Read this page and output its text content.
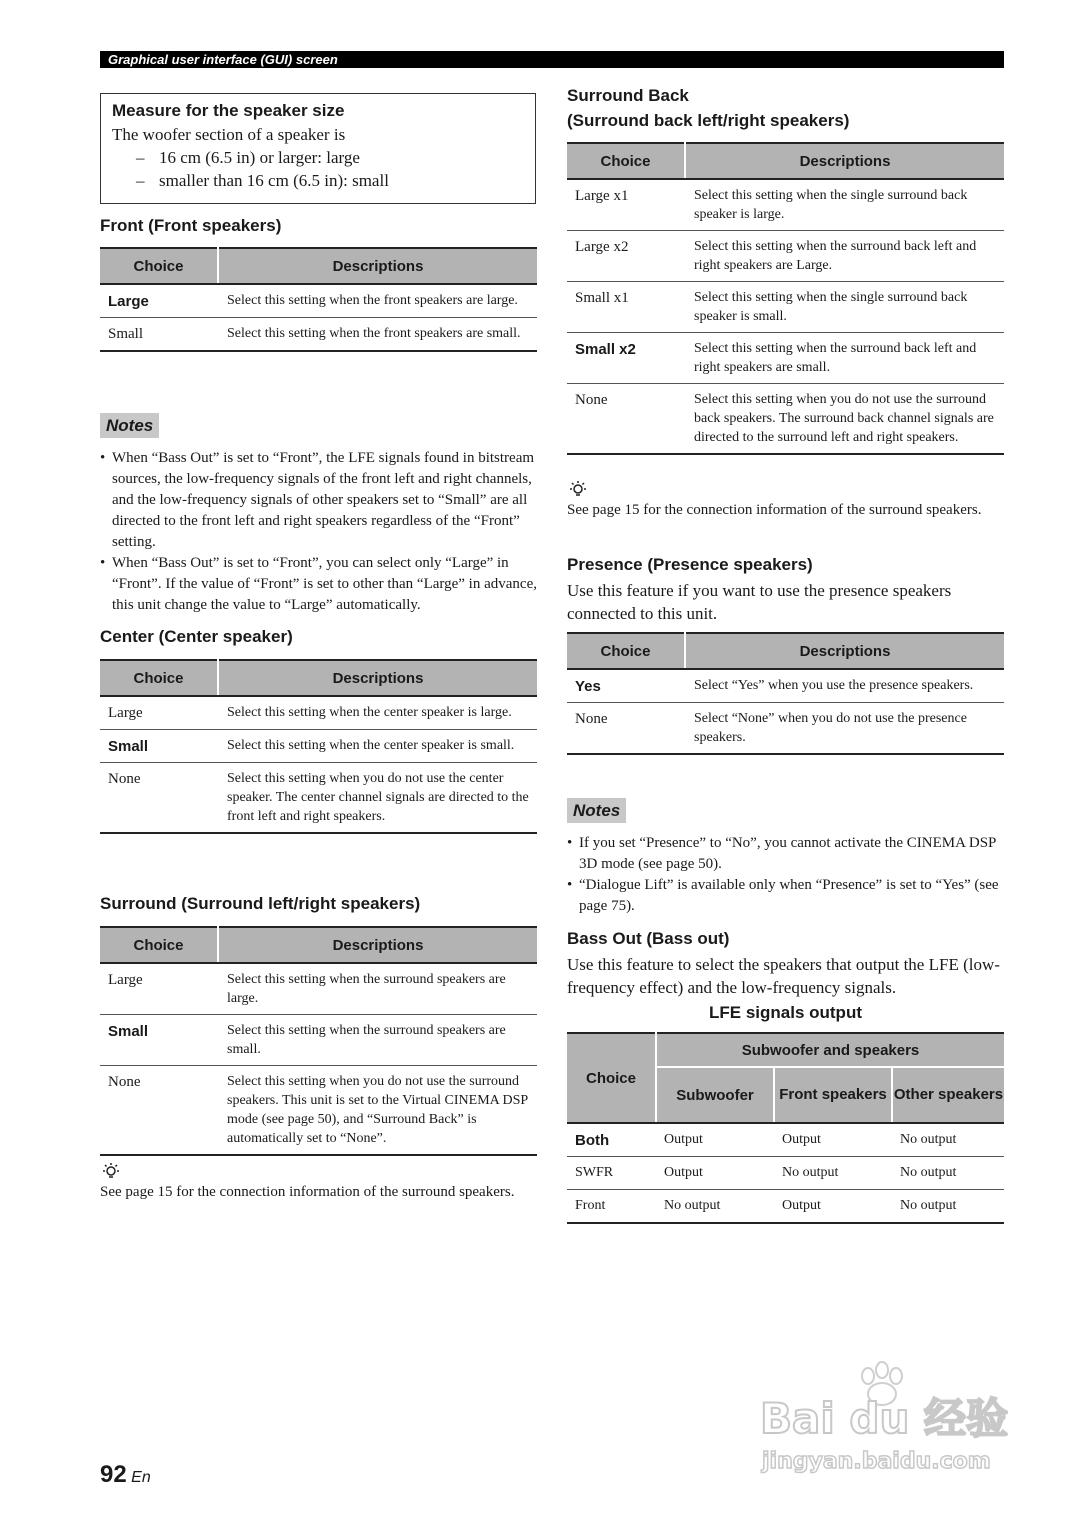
Graphical user interface (GUI) screen
Measure for the speaker size

The woofer section of a speaker is

– 16 cm (6.5 in) or larger: large
– smaller than 16 cm (6.5 in): small
Front (Front speakers)
Choice	Descriptions
Large	Select this setting when the front speakers are large.
Small	Select this setting when the front speakers are small.
Notes
• When “Bass Out” is set to “Front”, the LFE signals found in bitstream sources, the low-frequency signals of the front left and right channels, and the low-frequency signals of other speakers set to “Small” are all directed to the front left and right speakers regardless of the “Front” setting.
• When “Bass Out” is set to “Front”, you can select only “Large” in “Front”. If the value of “Front” is set to other than “Large” in advance, this unit change the value to “Large” automatically.
Center (Center speaker)
Choice	Descriptions
Large	Select this setting when the center speaker is large.
Small	Select this setting when the center speaker is small.
None	Select this setting when you do not use the center speaker. The center channel signals are directed to the front left and right speakers.
Surround (Surround left/right speakers)
Choice	Descriptions
Large	Select this setting when the surround speakers are large.
Small	Select this setting when the surround speakers are small.
None	Select this setting when you do not use the surround speakers. This unit is set to the Virtual CINEMA DSP mode (see page 50), and “Surround Back” is automatically set to “None”.

See page 15 for the connection information of the surround speakers.

Surround Back
(Surround back left/right speakers)
Choice	Descriptions
Large x1	Select this setting when the single surround back speaker is large.
Large x2	Select this setting when the surround back left and right speakers are Large.
Small x1	Select this setting when the single surround back speaker is small.
Small x2	Select this setting when the surround back left and right speakers are small.
None	Select this setting when you do not use the surround back speakers. The surround back channel signals are directed to the surround left and right speakers.

See page 15 for the connection information of the surround speakers.

Presence (Presence speakers)

Use this feature if you want to use the presence speakers connected to this unit.

Choice	Descriptions
Yes	Select “Yes” when you use the presence speakers.
None	Select “None” when you do not use the presence speakers.
Notes
• If you set “Presence” to “No”, you cannot activate the CINEMA DSP 3D mode (see page 50).
• “Dialogue Lift” is available only when “Presence” is set to “Yes” (see page 75).
Bass Out (Bass out)

Use this feature to select the speakers that output the LFE (low-frequency effect) and the low-frequency signals.

LFE signals output
Choice	Subwoofer and speakers		
	Subwoofer	Front speakers	Other speakers
Both	Output	Output	No output
SWFR	Output	No output	No output
Front	No output	Output	No output
92 En
Bai du 经验
jingyan.baidu.com
